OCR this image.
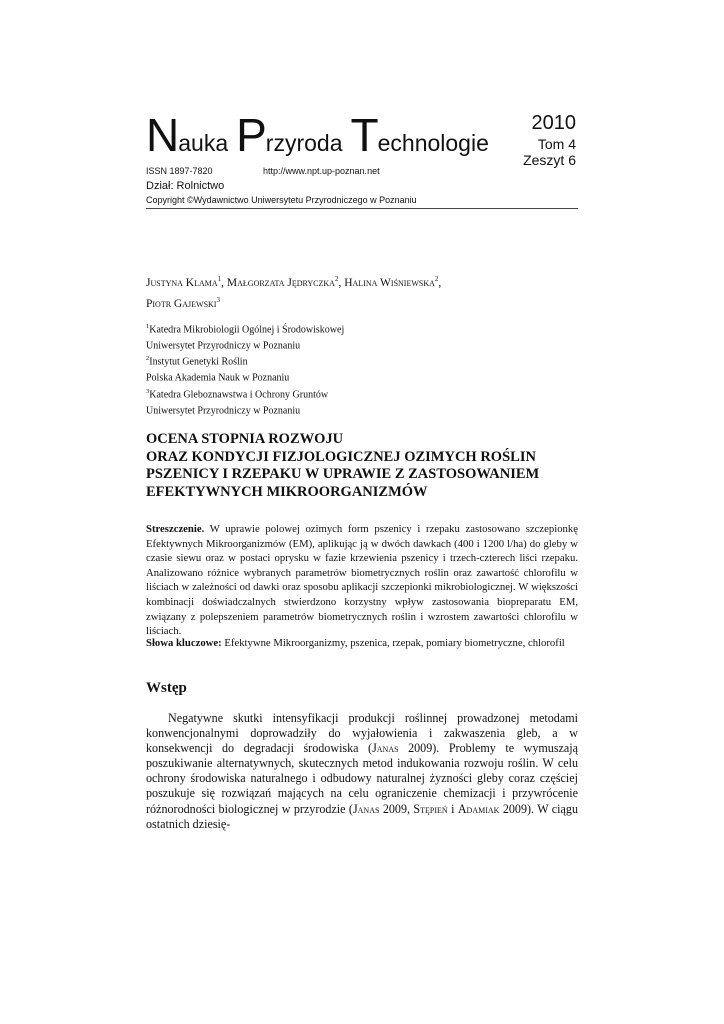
Nauka Przyroda Technologie
2010
Tom 4
Zeszyt 6
ISSN 1897-7820	http://www.npt.up-poznan.net
Dział: Rolnictwo
Copyright ©Wydawnictwo Uniwersytetu Przyrodniczego w Poznaniu
Justyna Klama$^1$, Małgorzata Jędryczka$^2$, Halina Wiśniewska$^2$,
Piotr Gajewski$^3$
$^1$Katedra Mikrobiologii Ogólnej i Środowiskowej
Uniwersytet Przyrodniczy w Poznaniu
$^2$Instytut Genetyki Roślin
Polska Akademia Nauk w Poznaniu
$^3$Katedra Gleboznawstwa i Ochrony Gruntów
Uniwersytet Przyrodniczy w Poznaniu
OCENA STOPNIA ROZWOJU
ORAZ KONDYCJI FIZJOLOGICZNEJ OZIMYCH ROŚLIN
PSZENICY I RZEPAKU W UPRAWIE Z ZASTOSOWANIEM
EFEKTYWNYCH MIKROORGANIZMÓW
Streszczenie. W uprawie polowej ozimych form pszenicy i rzepaku zastosowano szczepionkę Efektywnych Mikroorganizmów (EM), aplikując ją w dwóch dawkach (400 i 1200 l/ha) do gleby w czasie siewu oraz w postaci oprysku w fazie krzewienia pszenicy i trzech-czterech liści rzepaku. Analizowano różnice wybranych parametrów biometrycznych roślin oraz zawartość chlorofilu w liściach w zależności od dawki oraz sposobu aplikacji szczepionki mikrobiologicznej. W większości kombinacji doświadczalnych stwierdzono korzystny wpływ zastosowania biopreparatu EM, związany z polepszeniem parametrów biometrycznych roślin i wzrostem zawartości chlorofilu w liściach.
Słowa kluczowe: Efektywne Mikroorganizmy, pszenica, rzepak, pomiary biometryczne, chlorofil
Wstęp
Negatywne skutki intensyfikacji produkcji roślinnej prowadzonej metodami konwencjonalnymi doprowadziły do wyjałowienia i zakwaszenia gleb, a w konsekwencji do degradacji środowiska (Janas 2009). Problemy te wymuszają poszukiwanie alternatywnych, skutecznych metod indukowania rozwoju roślin. W celu ochrony środowiska naturalnego i odbudowy naturalnej żyzności gleby coraz częściej poszukuje się rozwiązań mających na celu ograniczenie chemizacji i przywrócenie różnorodności biologicznej w przyrodzie (Janas 2009, Stępień i Adamiak 2009). W ciągu ostatnich dziesię-
